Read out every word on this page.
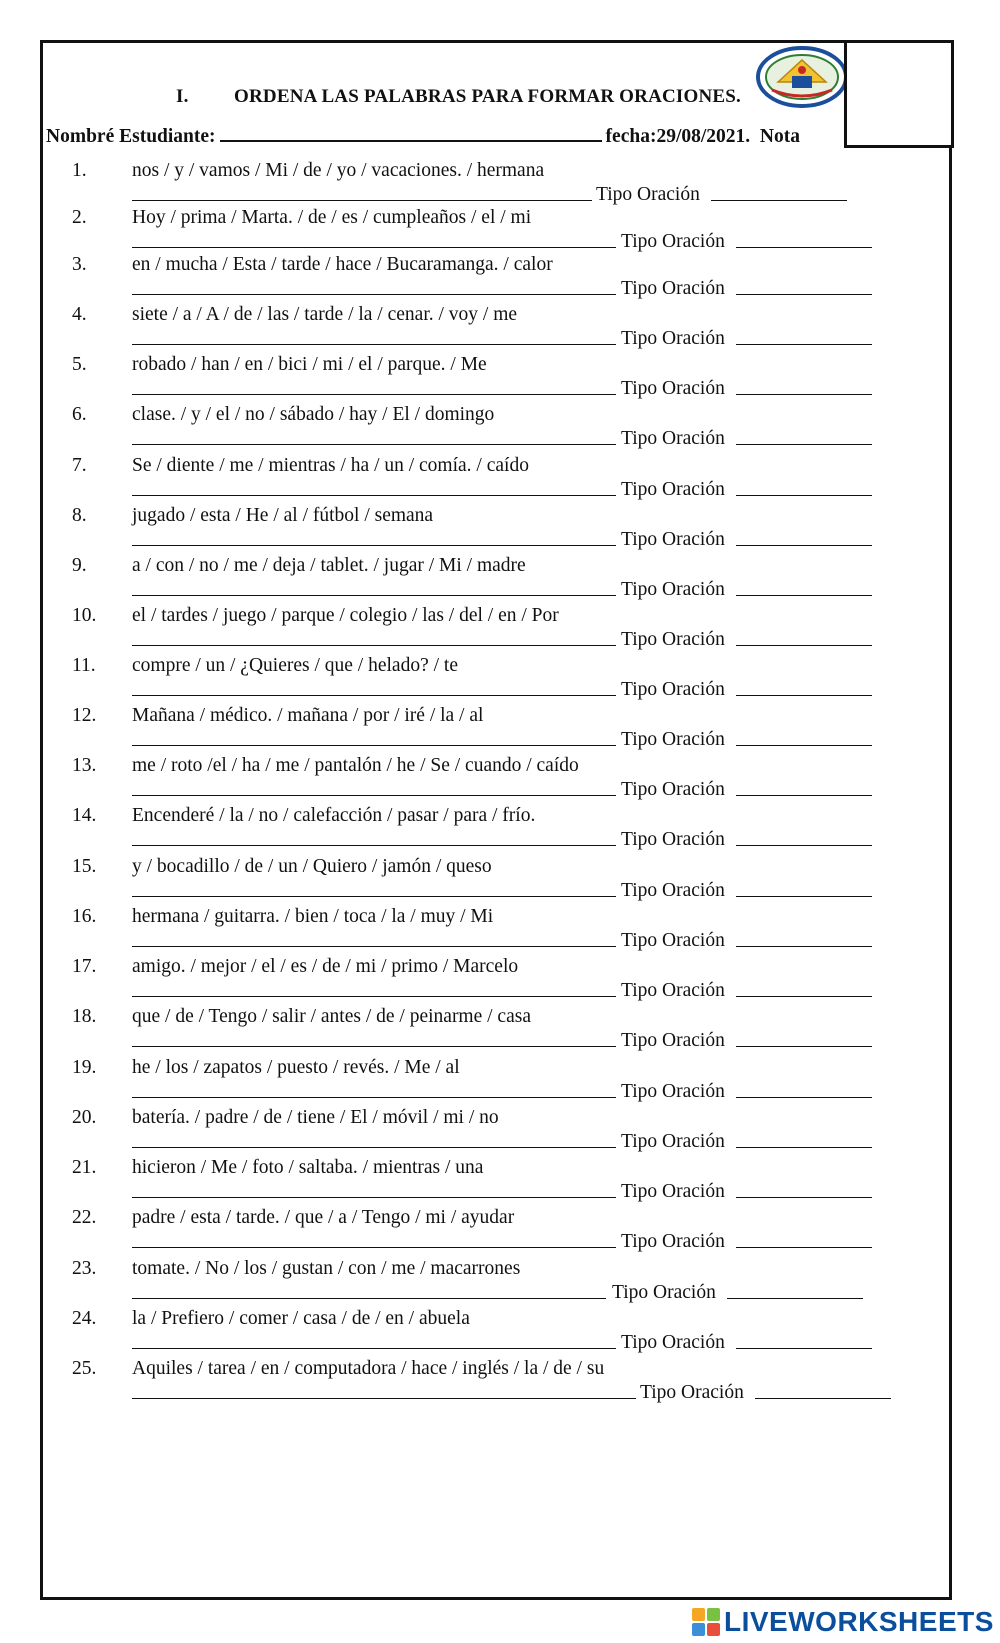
I. ORDENA LAS PALABRAS PARA FORMAR ORACIONES.
Nombré Estudiante:	fecha:29/08/2021. Nota
1. nos / y / vamos / Mi / de / yo / vacaciones. / hermana
Tipo Oración
2. Hoy / prima / Marta. / de / es / cumpleaños / el / mi
Tipo Oración
3. en / mucha / Esta / tarde / hace / Bucaramanga. / calor
Tipo Oración
4. siete / a / A / de / las / tarde / la / cenar. / voy / me
Tipo Oración
5. robado / han / en / bici / mi / el / parque. / Me
Tipo Oración
6. clase. / y / el / no / sábado / hay / El / domingo
Tipo Oración
7. Se / diente / me / mientras / ha / un / comía. / caído
Tipo Oración
8. jugado / esta / He / al / fútbol / semana
Tipo Oración
9. a / con / no / me / deja / tablet. / jugar / Mi / madre
Tipo Oración
10. el / tardes / juego / parque / colegio / las / del / en / Por
Tipo Oración
11. compre / un / ¿Quieres / que / helado? / te
Tipo Oración
12. Mañana / médico. / mañana / por / iré / la / al
Tipo Oración
13. me / roto /el / ha / me / pantalón / he / Se / cuando / caído
Tipo Oración
14. Encenderé / la / no / calefacción / pasar / para / frío.
Tipo Oración
15. y / bocadillo / de / un / Quiero / jamón / queso
Tipo Oración
16. hermana / guitarra. / bien / toca / la / muy / Mi
Tipo Oración
17. amigo. / mejor / el / es / de / mi / primo / Marcelo
Tipo Oración
18. que / de / Tengo / salir / antes / de / peinarme / casa
Tipo Oración
19. he / los / zapatos / puesto / revés. / Me / al
Tipo Oración
20. batería. / padre / de / tiene / El / móvil / mi / no
Tipo Oración
21. hicieron / Me / foto / saltaba. / mientras / una
Tipo Oración
22. padre / esta / tarde. / que / a / Tengo / mi / ayudar
Tipo Oración
23. tomate. / No / los / gustan / con / me / macarrones
Tipo Oración
24. la / Prefiero / comer / casa / de / en / abuela
Tipo Oración
25. Aquiles / tarea / en / computadora / hace / inglés / la / de / su
Tipo Oración
LIVEWORKSHEETS
